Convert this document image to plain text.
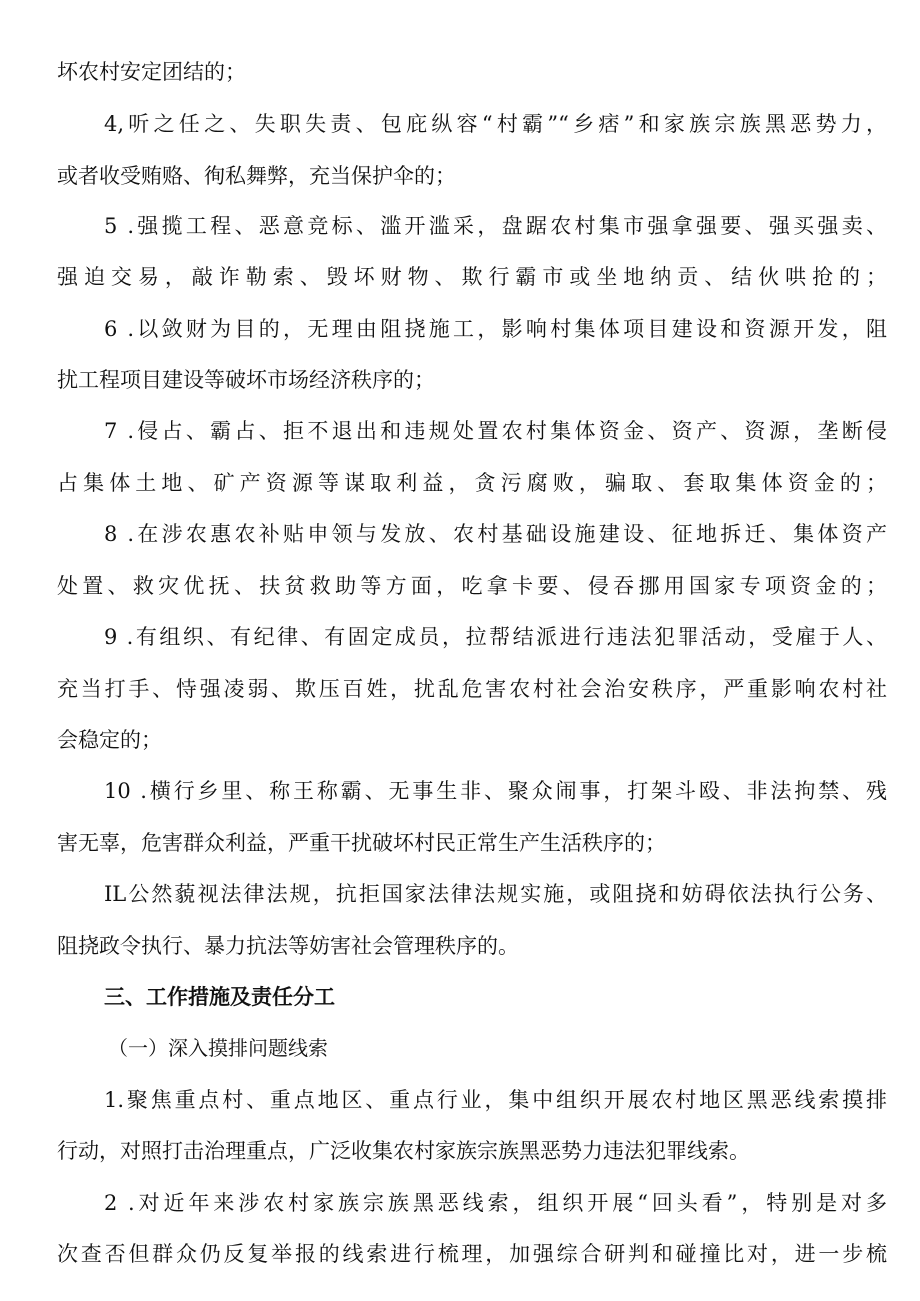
坏农村安定团结的；
4,听之任之、失职失责、包庇纵容“村霸”“乡痞”和家族宗族黑恶势力，
或者收受贿赂、徇私舞弊，充当保护伞的；
5 .强揽工程、恶意竞标、滥开滥采，盘踞农村集市强拿强要、强买强卖、
强迫交易，敲诈勒索、毁坏财物、欺行霸市或坐地纳贡、结伙哄抢的；
6 .以敛财为目的，无理由阻挠施工，影响村集体项目建设和资源开发，阻
扰工程项目建设等破坏市场经济秩序的；
7 .侵占、霸占、拒不退出和违规处置农村集体资金、资产、资源，垄断侵
占集体土地、矿产资源等谋取利益，贪污腐败，骗取、套取集体资金的；
8 .在涉农惠农补贴申领与发放、农村基础设施建设、征地拆迁、集体资产
处置、救灾优抚、扶贫救助等方面，吃拿卡要、侵吞挪用国家专项资金的；
9 .有组织、有纪律、有固定成员，拉帮结派进行违法犯罪活动，受雇于人、
充当打手、恃强凌弱、欺压百姓，扰乱危害农村社会治安秩序，严重影响农村社
会稳定的；
10 .横行乡里、称王称霸、无事生非、聚众闹事，打架斗殴、非法拘禁、残
害无辜，危害群众利益，严重干扰破坏村民正常生产生活秩序的；
IL公然藐视法律法规，抗拒国家法律法规实施，或阻挠和妨碍依法执行公务、
阻挠政令执行、暴力抗法等妨害社会管理秩序的。
三、工作措施及责任分工
（一）深入摸排问题线索
1.聚焦重点村、重点地区、重点行业，集中组织开展农村地区黑恶线索摸排
行动，对照打击治理重点，广泛收集农村家族宗族黑恶势力违法犯罪线索。
2 .对近年来涉农村家族宗族黑恶线索，组织开展“回头看”，特别是对多
次查否但群众仍反复举报的线索进行梳理，加强综合研判和碰撞比对，进一步梳
